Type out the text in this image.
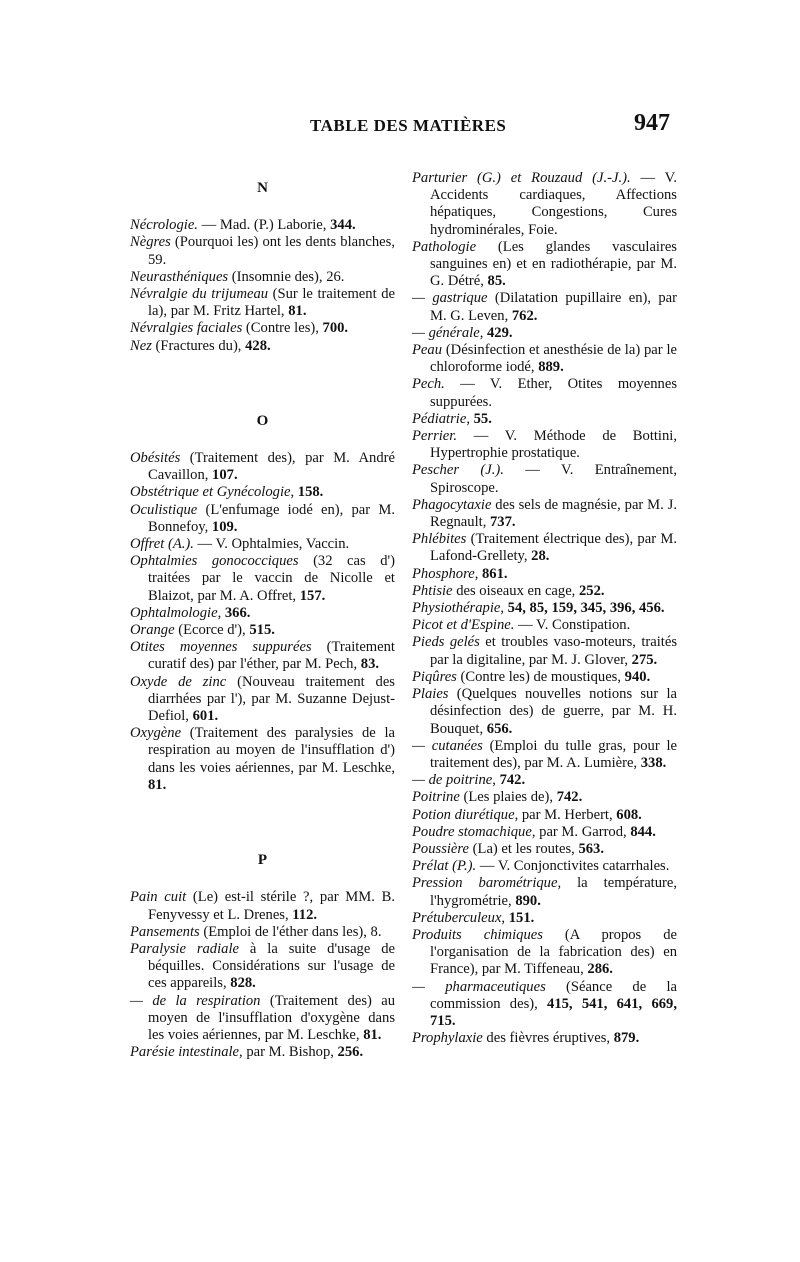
TABLE DES MATIÈRES	947
N

Nécrologie. — Mad. (P.) Laborie, 344.

Nègres (Pourquoi les) ont les dents blanches, 59.

Neurasthéniques (Insomnie des), 26.

Névralgie du trijumeau (Sur le traitement de la), par M. Fritz Hartel, 81.

Névralgies faciales (Contre les), 700.

Nez (Fractures du), 428.

O

Obésités (Traitement des), par M. André Cavaillon, 107.

Obstétrique et Gynécologie, 158.

Oculistique (L'enfumage iodé en), par M. Bonnefoy, 109.

Offret (A.). — V. Ophtalmies, Vaccin.

Ophtalmies gonococciques (32 cas d') traitées par le vaccin de Nicolle et Blaizot, par M. A. Offret, 157.

Ophtalmologie, 366.

Orange (Ecorce d'), 515.

Otites moyennes suppurées (Traitement curatif des) par l'éther, par M. Pech, 83.

Oxyde de zinc (Nouveau traitement des diarrhées par l'), par M. Suzanne Dejust-Defiol, 601.

Oxygène (Traitement des paralysies de la respiration au moyen de l'insufflation d') dans les voies aériennes, par M. Leschke, 81.

P

Pain cuit (Le) est-il stérile ?, par MM. B. Fenyvessy et L. Drenes, 112.

Pansements (Emploi de l'éther dans les), 8.

Paralysie radiale à la suite d'usage de béquilles. Considérations sur l'usage de ces appareils, 828.

— de la respiration (Traitement des) au moyen de l'insufflation d'oxygène dans les voies aériennes, par M. Leschke, 81.

Parésie intestinale, par M. Bishop, 256.

Parturier (G.) et Rouzaud (J.-J.). — V. Accidents cardiaques, Affections hépatiques, Congestions, Cures hydrominérales, Foie.

Pathologie (Les glandes vasculaires sanguines en) et en radiothérapie, par M. G. Détré, 85.

— gastrique (Dilatation pupillaire en), par M. G. Leven, 762.

— générale, 429.

Peau (Désinfection et anesthésie de la) par le chloroforme iodé, 889.

Pech. — V. Ether, Otites moyennes suppurées.

Pédiatrie, 55.

Perrier. — V. Méthode de Bottini, Hypertrophie prostatique.

Pescher (J.). — V. Entraînement, Spiroscope.

Phagocytaxie des sels de magnésie, par M. J. Regnault, 737.

Phlébites (Traitement électrique des), par M. Lafond-Grellety, 28.

Phosphore, 861.

Phtisie des oiseaux en cage, 252.

Physiothérapie, 54, 85, 159, 345, 396, 456.

Picot et d'Espine. — V. Constipation.

Pieds gelés et troubles vaso-moteurs, traités par la digitaline, par M. J. Glover, 275.

Piqûres (Contre les) de moustiques, 940.

Plaies (Quelques nouvelles notions sur la désinfection des) de guerre, par M. H. Bouquet, 656.

— cutanées (Emploi du tulle gras, pour le traitement des), par M. A. Lumière, 338.

— de poitrine, 742.

Poitrine (Les plaies de), 742.

Potion diurétique, par M. Herbert, 608.

Poudre stomachique, par M. Garrod, 844.

Poussière (La) et les routes, 563.

Prélat (P.). — V. Conjonctivites catarrhales.

Pression barométrique, la température, l'hygrométrie, 890.

Prétuberculeux, 151.

Produits chimiques (A propos de l'organisation de la fabrication des) en France), par M. Tiffeneau, 286.

— pharmaceutiques (Séance de la commission des), 415, 541, 641, 669, 715.

Prophylaxie des fièvres éruptives, 879.
